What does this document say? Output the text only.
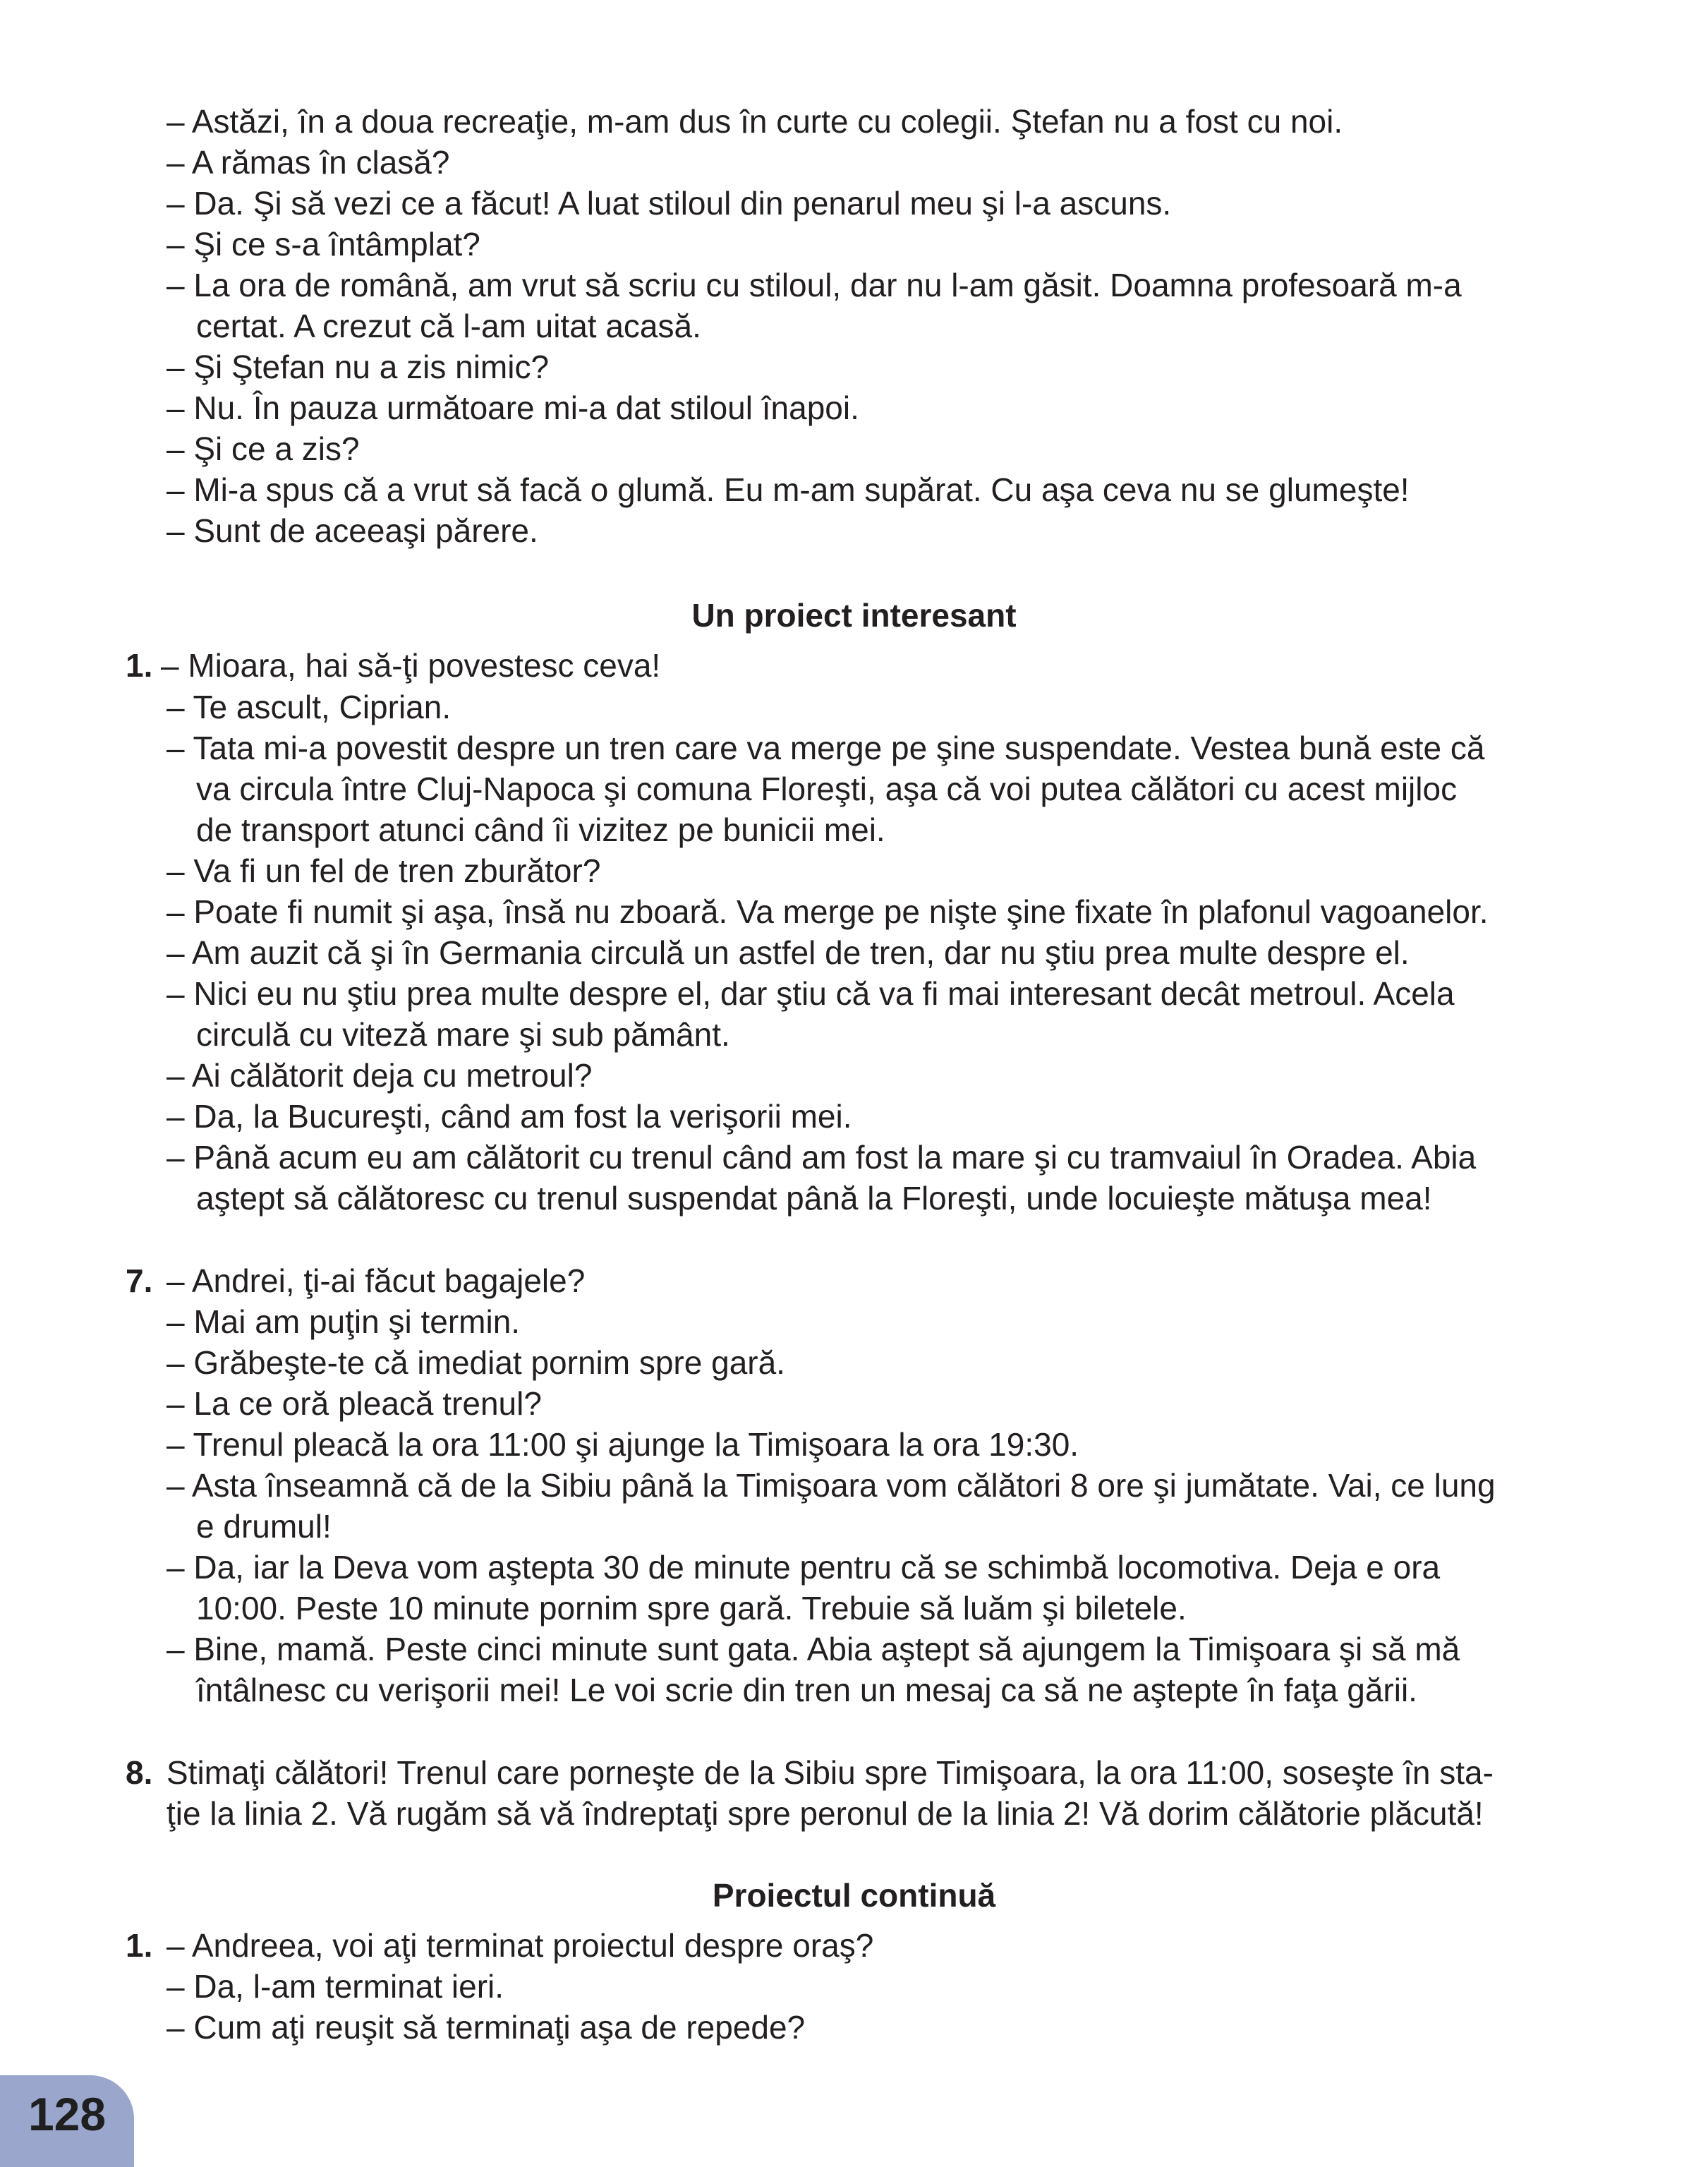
– Astăzi, în a doua recreaţie, m-am dus în curte cu colegii. Ştefan nu a fost cu noi.
– A rămas în clasă?
– Da. Şi să vezi ce a făcut! A luat stiloul din penarul meu şi l-a ascuns.
– Şi ce s-a întâmplat?
– La ora de română, am vrut să scriu cu stiloul, dar nu l-am găsit. Doamna profesoară m-a
certat. A crezut că l-am uitat acasă.
– Şi Ştefan nu a zis nimic?
– Nu. În pauza următoare mi-a dat stiloul înapoi.
– Şi ce a zis?
– Mi-a spus că a vrut să facă o glumă. Eu m-am supărat. Cu aşa ceva nu se glumeşte!
– Sunt de aceeaşi părere.
Un proiect interesant
1. – Mioara, hai să-ţi povestesc ceva!
– Te ascult, Ciprian.
– Tata mi-a povestit despre un tren care va merge pe şine suspendate. Vestea bună este că
va circula între Cluj-Napoca şi comuna Floreşti, aşa că voi putea călători cu acest mijloc
de transport atunci când îi vizitez pe bunicii mei.
– Va fi un fel de tren zburător?
– Poate fi numit şi aşa, însă nu zboară. Va merge pe nişte şine fixate în plafonul vagoanelor.
– Am auzit că şi în Germania circulă un astfel de tren, dar nu ştiu prea multe despre el.
– Nici eu nu ştiu prea multe despre el, dar ştiu că va fi mai interesant decât metroul. Acela
circulă cu viteză mare şi sub pământ.
– Ai călătorit deja cu metroul?
– Da, la Bucureşti, când am fost la verişorii mei.
– Până acum eu am călătorit cu trenul când am fost la mare şi cu tramvaiul în Oradea. Abia
aştept să călătoresc cu trenul suspendat până la Floreşti, unde locuieşte mătuşa mea!
7. – Andrei, ţi-ai făcut bagajele?
– Mai am puţin şi termin.
– Grăbeşte-te că imediat pornim spre gară.
– La ce oră pleacă trenul?
– Trenul pleacă la ora 11:00 şi ajunge la Timişoara la ora 19:30.
– Asta înseamnă că de la Sibiu până la Timişoara vom călători 8 ore şi jumătate. Vai, ce lung
e drumul!
– Da, iar la Deva vom aştepta 30 de minute pentru că se schimbă locomotiva. Deja e ora
10:00. Peste 10 minute pornim spre gară. Trebuie să luăm şi biletele.
– Bine, mamă. Peste cinci minute sunt gata. Abia aştept să ajungem la Timişoara şi să mă
întâlnesc cu verişorii mei! Le voi scrie din tren un mesaj ca să ne aştepte în faţa gării.
8. Stimaţi călători! Trenul care porneşte de la Sibiu spre Timişoara, la ora 11:00, soseşte în sta-
ţie la linia 2. Vă rugăm să vă îndreptaţi spre peronul de la linia 2! Vă dorim călătorie plăcută!
Proiectul continuă
1. – Andreea, voi aţi terminat proiectul despre oraş?
– Da, l-am terminat ieri.
– Cum aţi reuşit să terminaţi aşa de repede?
128
